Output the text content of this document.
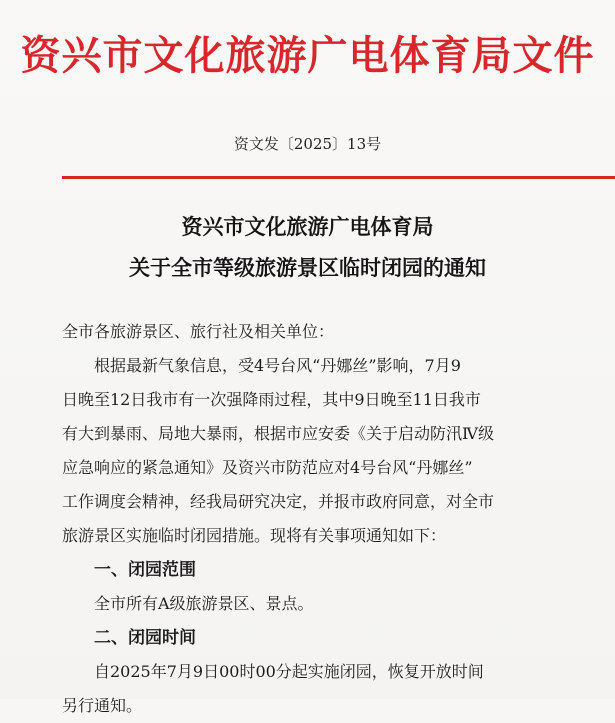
资兴市文化旅游广电体育局文件
资文发〔2025〕13号
资兴市文化旅游广电体育局
关于全市等级旅游景区临时闭园的通知
全市各旅游景区、旅行社及相关单位：
根据最新气象信息，受4号台风“丹娜丝”影响，7月9
日晚至12日我市有一次强降雨过程，其中9日晚至11日我市
有大到暴雨、局地大暴雨，根据市应安委《关于启动防汛Ⅳ级
应急响应的紧急通知》及资兴市防范应对4号台风“丹娜丝”
工作调度会精神，经我局研究决定，并报市政府同意，对全市
旅游景区实施临时闭园措施。现将有关事项通知如下：
一、闭园范围
全市所有A级旅游景区、景点。
二、闭园时间
自2025年7月9日00时00分起实施闭园，恢复开放时间
另行通知。
